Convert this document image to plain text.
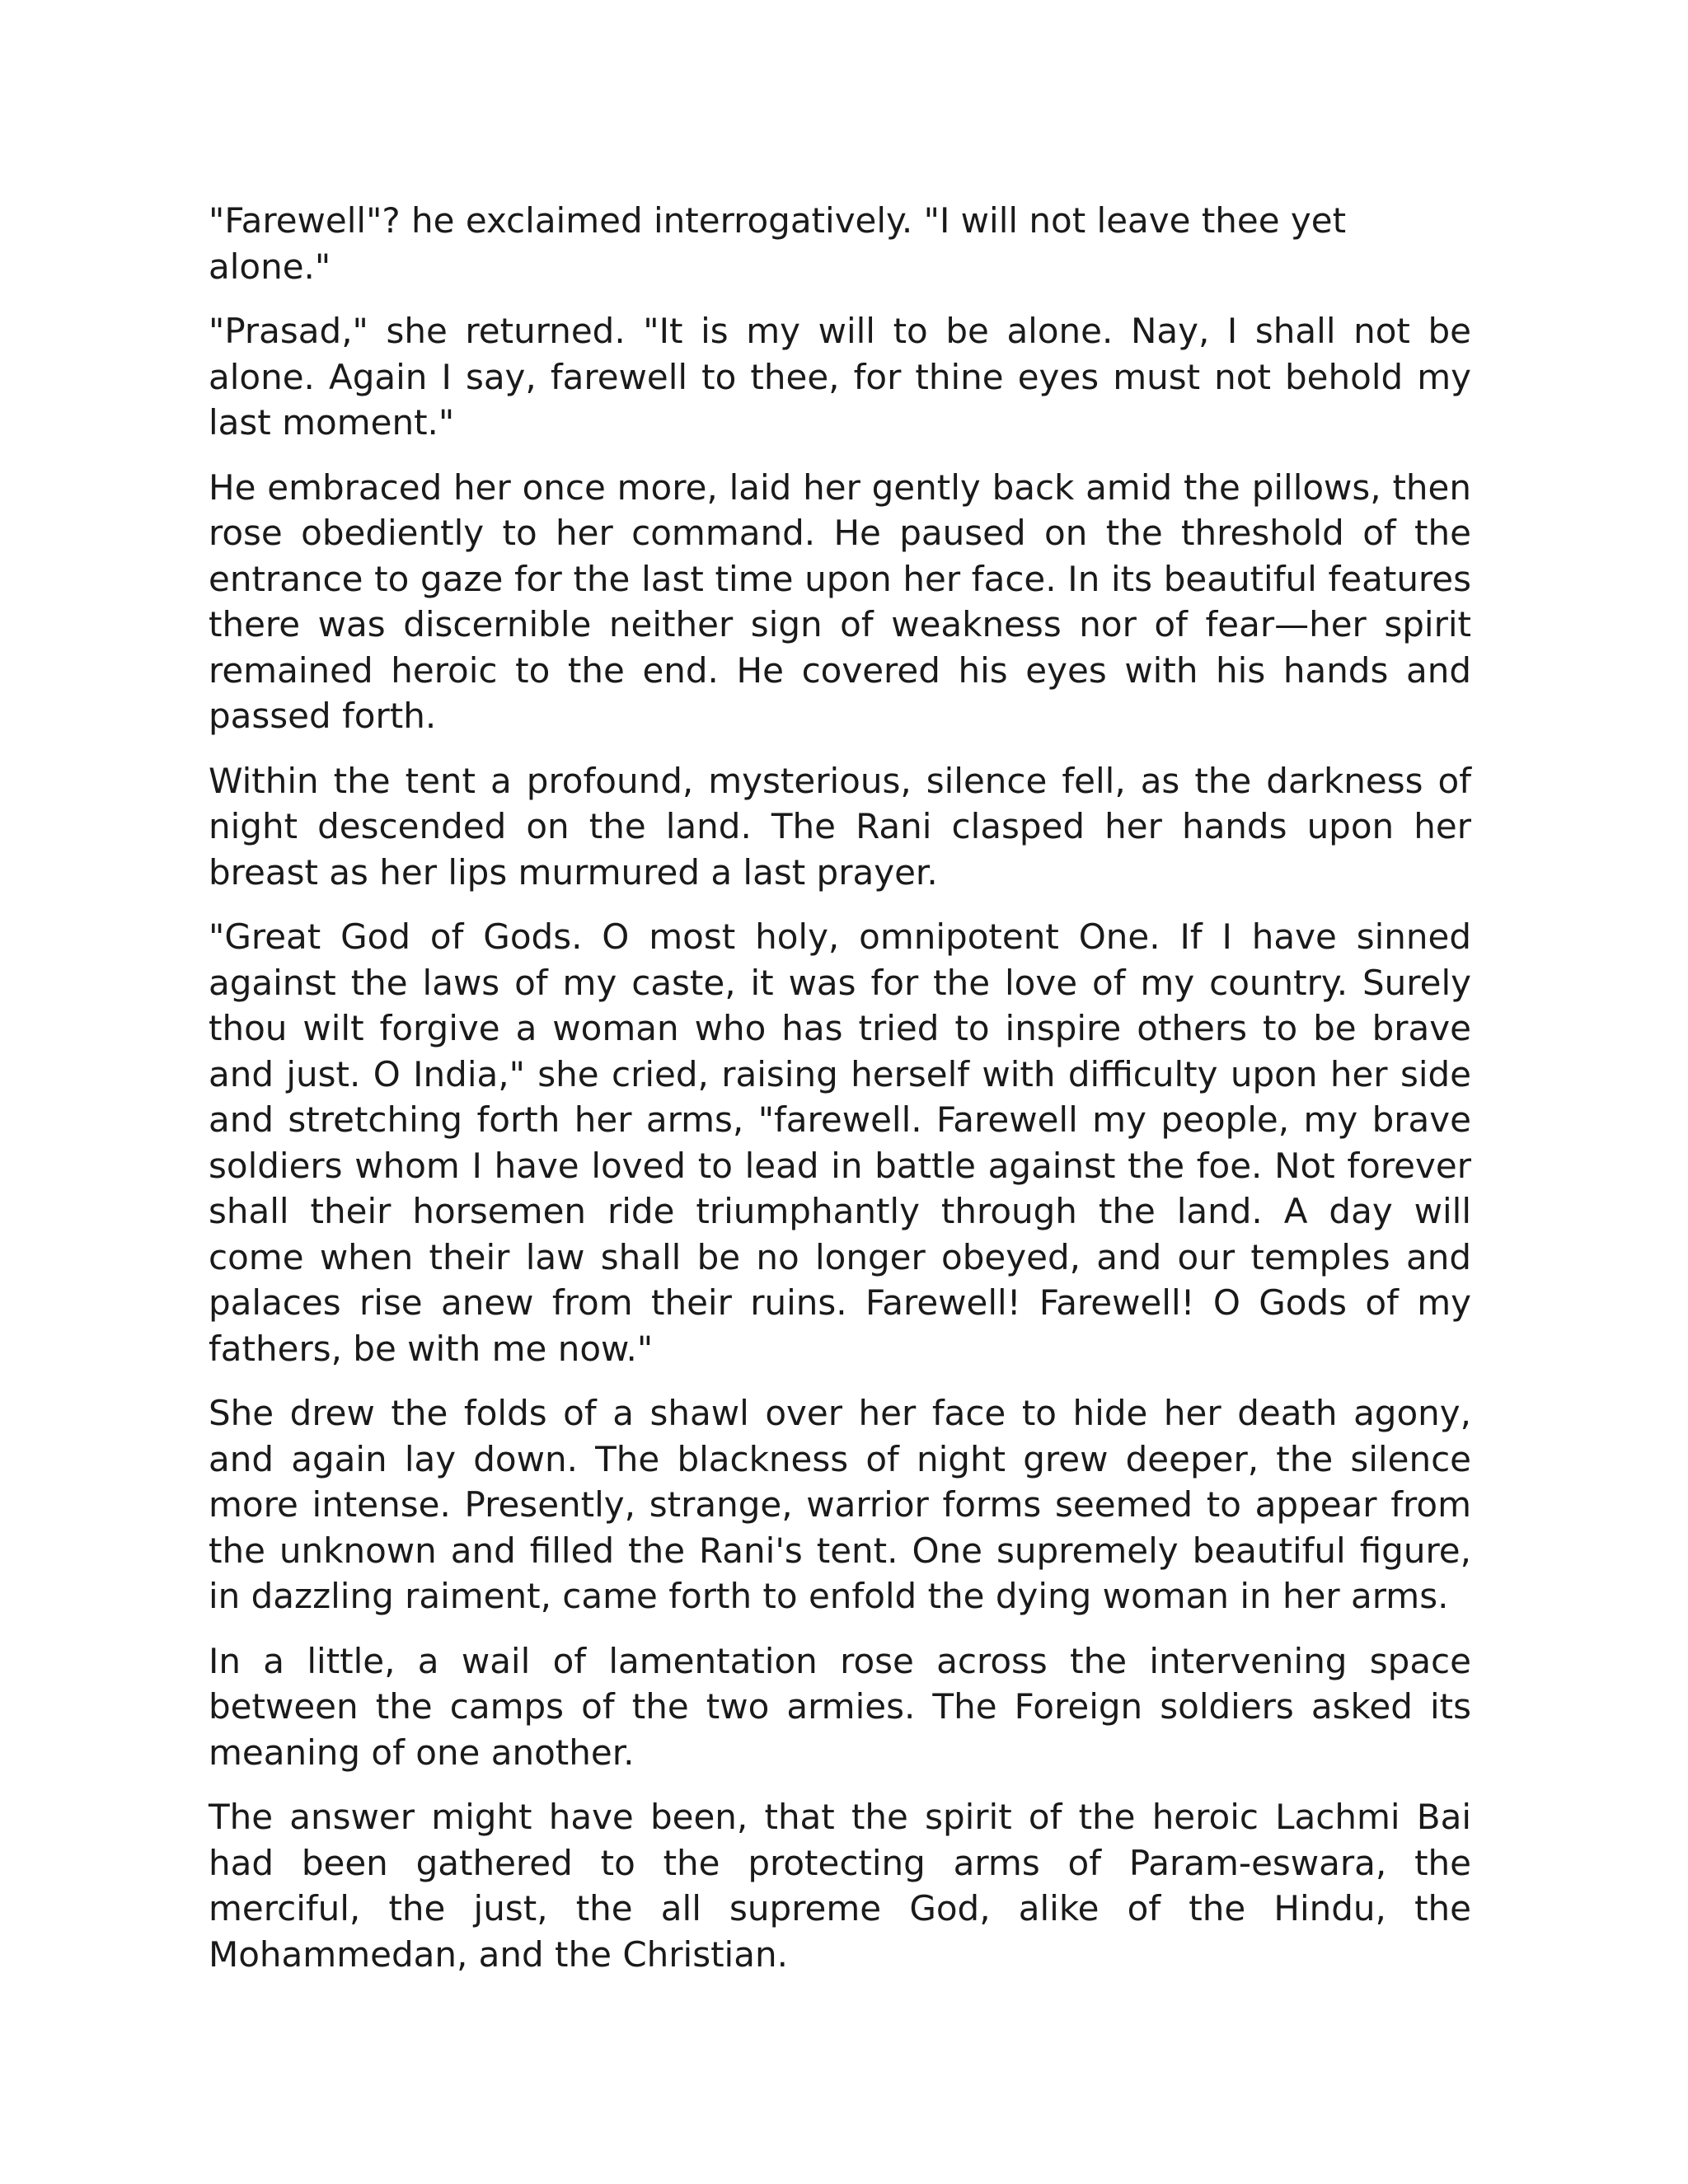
"Farewell"? he exclaimed interrogatively. "I will not leave thee yet alone."

"Prasad," she returned. "It is my will to be alone. Nay, I shall not be alone. Again I say, farewell to thee, for thine eyes must not behold my last moment."

He embraced her once more, laid her gently back amid the pillows, then rose obediently to her command. He paused on the threshold of the entrance to gaze for the last time upon her face. In its beautiful features there was discernible neither sign of weakness nor of fear—her spirit remained heroic to the end. He covered his eyes with his hands and passed forth.

Within the tent a profound, mysterious, silence fell, as the darkness of night descended on the land. The Rani clasped her hands upon her breast as her lips murmured a last prayer.

"Great God of Gods. O most holy, omnipotent One. If I have sinned against the laws of my caste, it was for the love of my country. Surely thou wilt forgive a woman who has tried to inspire others to be brave and just. O India," she cried, raising herself with difficulty upon her side and stretching forth her arms, "farewell. Farewell my people, my brave soldiers whom I have loved to lead in battle against the foe. Not forever shall their horsemen ride triumphantly through the land. A day will come when their law shall be no longer obeyed, and our temples and palaces rise anew from their ruins. Farewell! Farewell! O Gods of my fathers, be with me now."

She drew the folds of a shawl over her face to hide her death agony, and again lay down. The blackness of night grew deeper, the silence more intense. Presently, strange, warrior forms seemed to appear from the unknown and filled the Rani's tent. One supremely beautiful figure, in dazzling raiment, came forth to enfold the dying woman in her arms.

In a little, a wail of lamentation rose across the intervening space between the camps of the two armies. The Foreign soldiers asked its meaning of one another.

The answer might have been, that the spirit of the heroic Lachmi Bai had been gathered to the protecting arms of Param-eswara, the merciful, the just, the all supreme God, alike of the Hindu, the Mohammedan, and the Christian.
